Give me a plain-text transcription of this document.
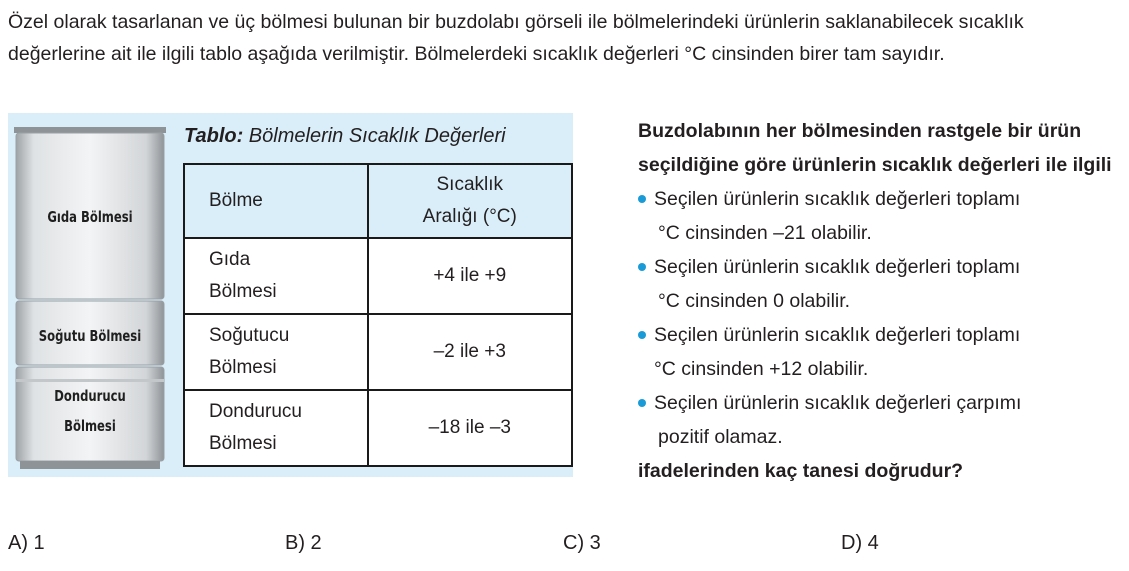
Özel olarak tasarlanan ve üç bölmesi bulunan bir buzdolabı görseli ile bölmelerindeki ürünlerin saklanabilecek sıcaklık değerlerine ait ile ilgili tablo aşağıda verilmiştir. Bölmelerdeki sıcaklık değerleri °C cinsinden birer tam sayıdır.

Gıda Bölmesi
Soğutu Bölmesi
Dondurucu Bölmesi

Tablo: Bölmelerin Sıcaklık Değerleri

Bölme	Sıcaklık Aralığı (°C)

Gıda Bölmesi	+4 ile +9

Soğutucu Bölmesi	–2 ile +3

Dondurucu Bölmesi	–18 ile –3

Buzdolabının her bölmesinden rastgele bir ürün seçildiğine göre ürünlerin sıcaklık değerleri ile ilgili

Seçilen ürünlerin sıcaklık değerleri toplamı
°C cinsinden –21 olabilir.
Seçilen ürünlerin sıcaklık değerleri toplamı
°C cinsinden 0 olabilir.
Seçilen ürünlerin sıcaklık değerleri toplamı
°C cinsinden +12 olabilir.
Seçilen ürünlerin sıcaklık değerleri çarpımı
pozitif olamaz.

ifadelerinden kaç tanesi doğrudur?

A) 1	B) 2	C) 3	D) 4
